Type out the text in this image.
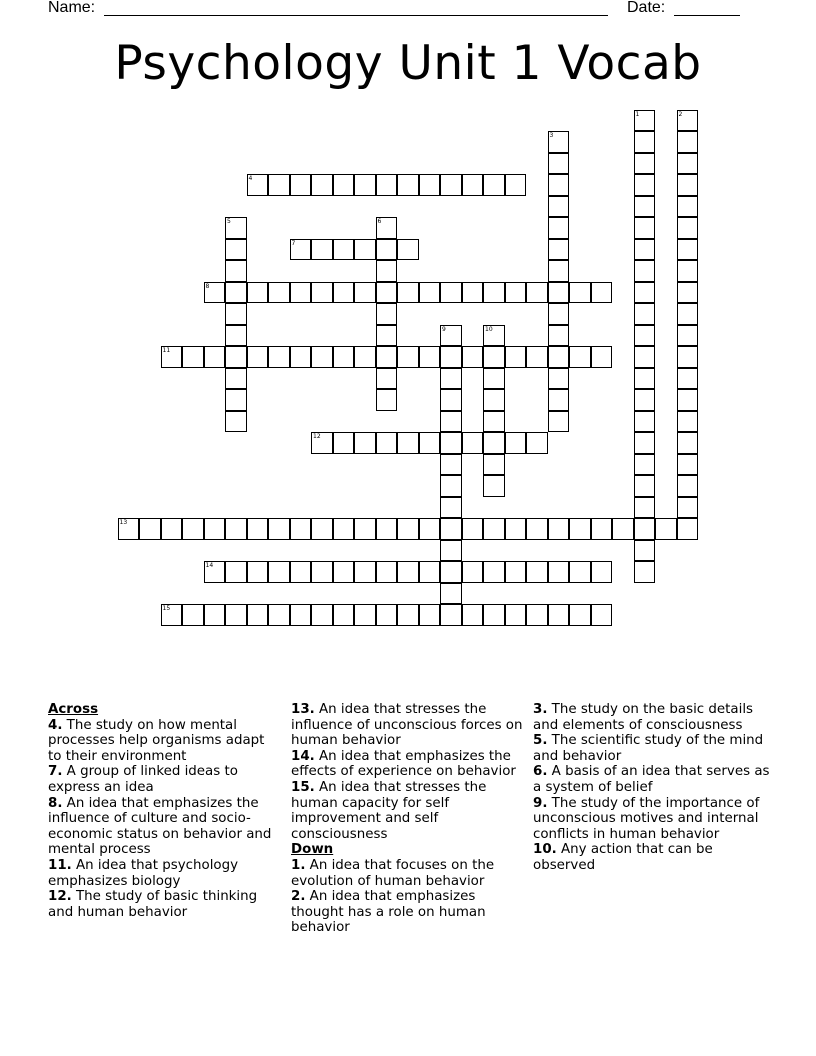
Name:	Date:
Psychology Unit 1 Vocab
1	2
3
4
5	6
7
8
9	10
11
12
13
14
15

Across

4. The study on how mental processes help organisms adapt to their environment

7. A group of linked ideas to express an idea

8. An idea that emphasizes the influence of culture and socio-economic status on behavior and mental process

11. An idea that psychology emphasizes biology

12. The study of basic thinking and human behavior

13. An idea that stresses the influence of unconscious forces on human behavior

14. An idea that emphasizes the effects of experience on behavior

15. An idea that stresses the human capacity for self improvement and self consciousness

Down

1. An idea that focuses on the evolution of human behavior

2. An idea that emphasizes thought has a role on human behavior

3. The study on the basic details and elements of consciousness

5. The scientific study of the mind and behavior

6. A basis of an idea that serves as a system of belief

9. The study of the importance of unconscious motives and internal conflicts in human behavior

10. Any action that can be observed
